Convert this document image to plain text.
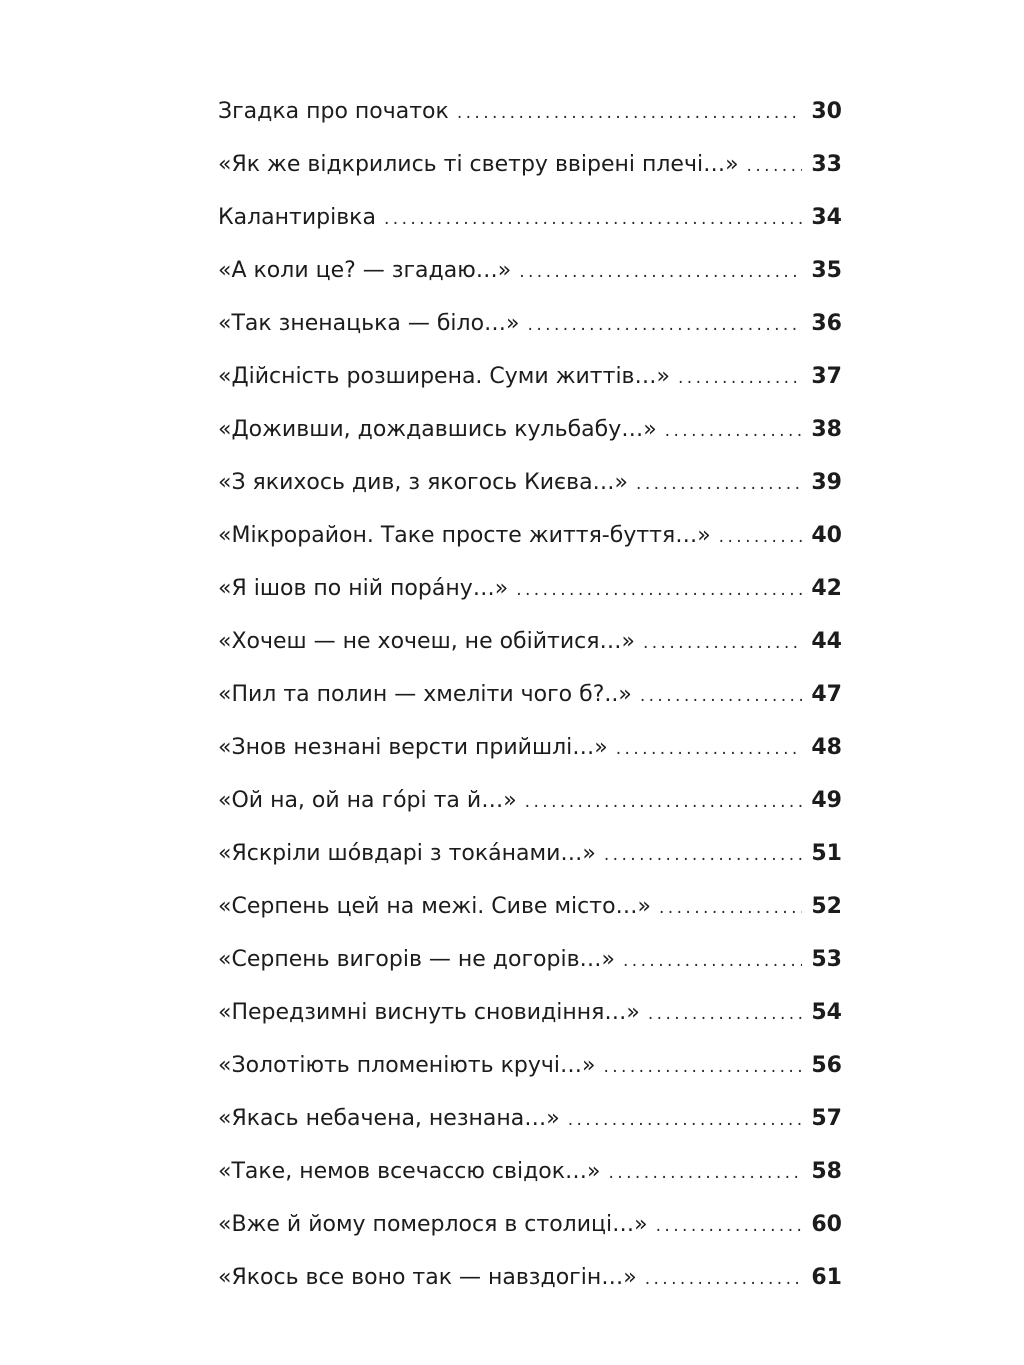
Згадка про початок . . .	30
«Як же відкрились ті светру ввірені плечі…» . . .	33
Калантирівка . . .	34
«А коли це? — згадаю…» . . .	35
«Так зненацька — біло…» . . .	36
«Дійсність розширена. Суми життів…» . . .	37
«Доживши, дождавшись кульбабу…» . . .	38
«З якихось див, з якогось Києва…» . . .	39
«Мікрорайон. Таке просте життя-буття…» . . .	40
«Я ішов по ній порáну…» . . .	42
«Хочеш — не хочеш, не обійтися…» . . .	44
«Пил та полин — хмеліти чого б?..» . . .	47
«Знов незнані версти прийшлі…» . . .	48
«Ой на, ой на гóрі та й…» . . .	49
«Яскріли шóвдарі з токáнами…» . . .	51
«Серпень цей на межі. Сиве місто…» . . .	52
«Серпень вигорів — не догорів…» . . .	53
«Передзимні виснуть сновидіння…» . . .	54
«Золотіють пломеніють кручі…» . . .	56
«Якась небачена, незнана…» . . .	57
«Таке, немов всечассю свідок…» . . .	58
«Вже й йому померлося в столиці…» . . .	60
«Якось все воно так — навздогін…» . . .	61
